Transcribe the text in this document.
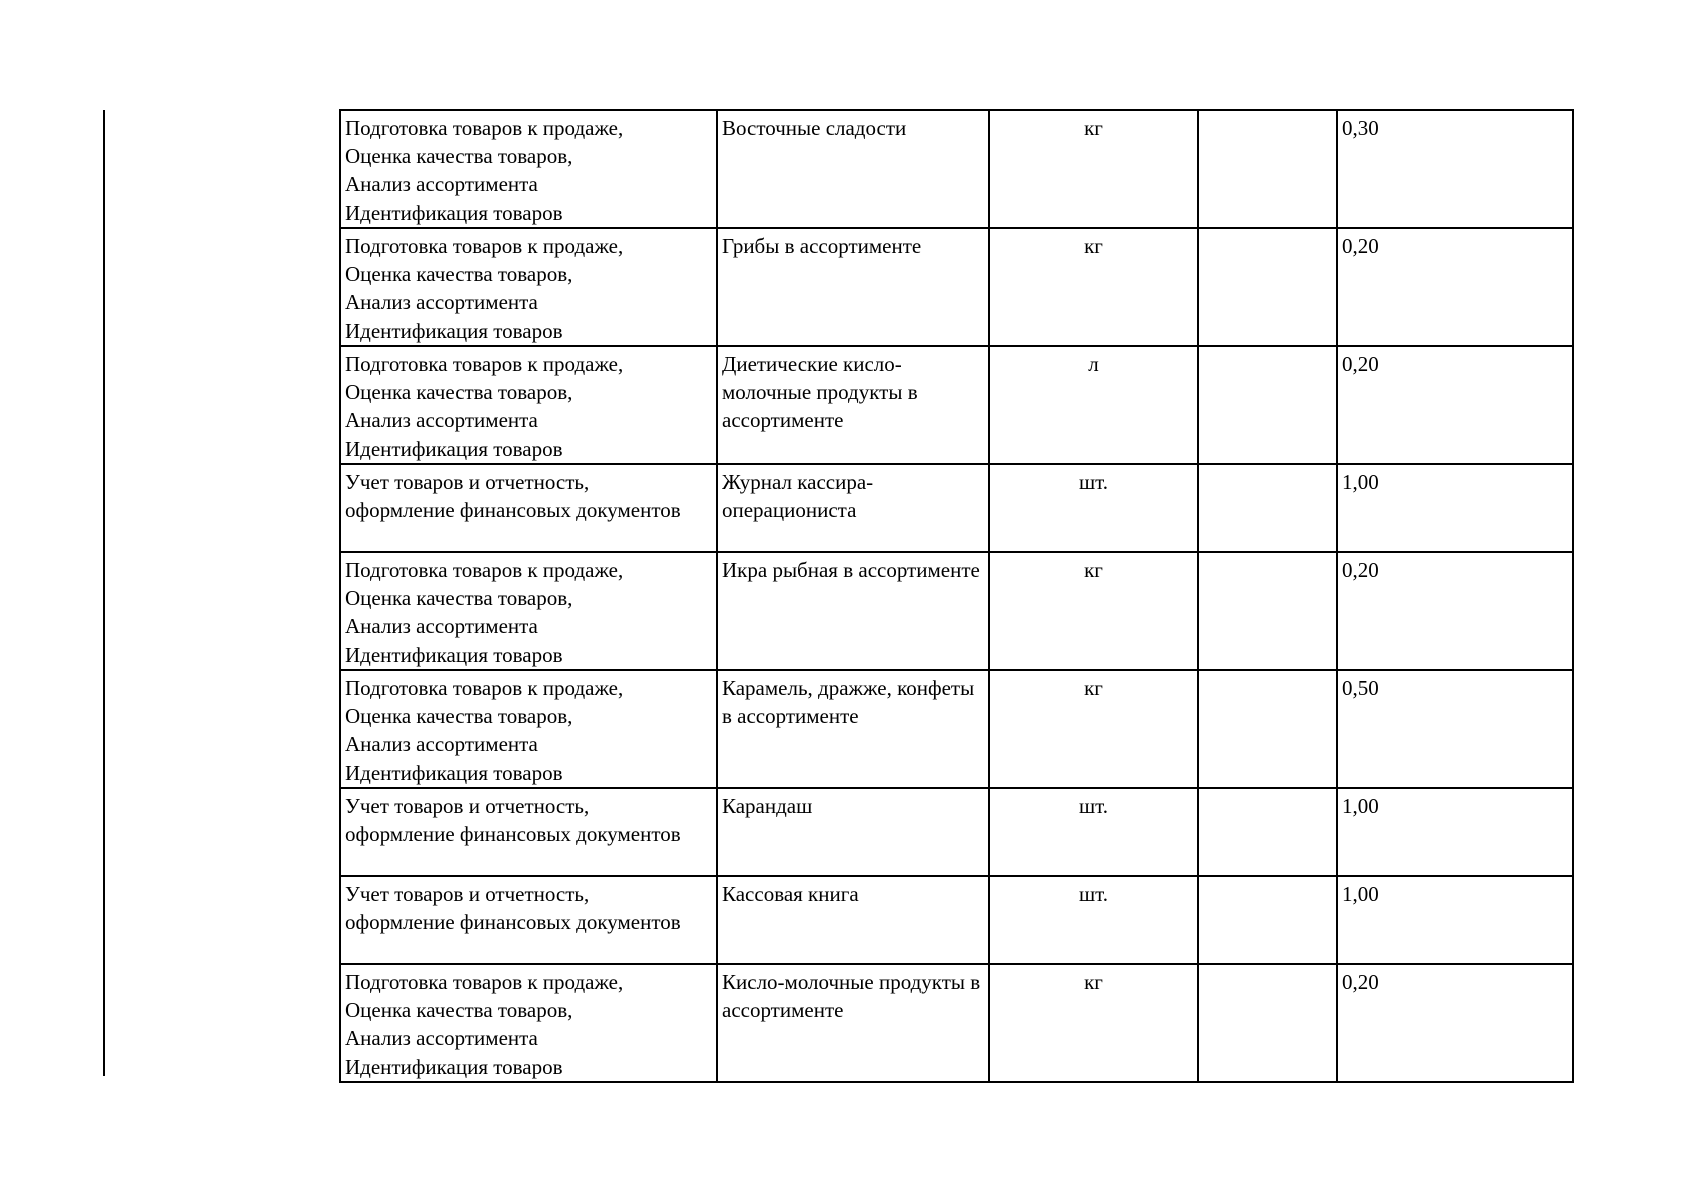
Подготовка товаров к продаже,
Оценка качества товаров,
Анализ ассортимента
Идентификация товаров	Восточные сладости	кг		0,30

Подготовка товаров к продаже,
Оценка качества товаров,
Анализ ассортимента
Идентификация товаров	Грибы в ассортименте	кг		0,20

Подготовка товаров к продаже,
Оценка качества товаров,
Анализ ассортимента
Идентификация товаров	Диетические кисло-молочные продукты в ассортименте	л		0,20

Учет товаров и отчетность,
оформление финансовых документов	Журнал кассира-операциониста	шт.		1,00

Подготовка товаров к продаже,
Оценка качества товаров,
Анализ ассортимента
Идентификация товаров	Икра рыбная в ассортименте	кг		0,20

Подготовка товаров к продаже,
Оценка качества товаров,
Анализ ассортимента
Идентификация товаров	Карамель, дражже, конфеты в ассортименте	кг		0,50

Учет товаров и отчетность,
оформление финансовых документов	Карандаш	шт.		1,00

Учет товаров и отчетность,
оформление финансовых документов	Кассовая книга	шт.		1,00

Подготовка товаров к продаже,
Оценка качества товаров,
Анализ ассортимента
Идентификация товаров	Кисло-молочные продукты в ассортименте	кг		0,20
